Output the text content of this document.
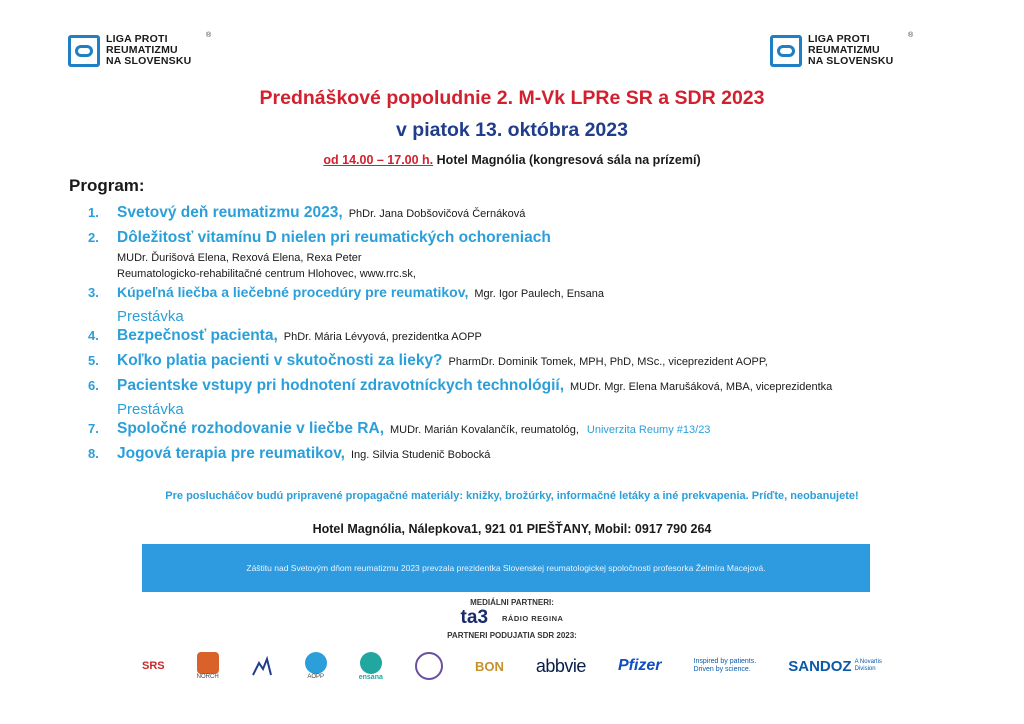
LIGA PROTI
REUMATIZMU
NA SLOVENSKU
®	LIGA PROTI
REUMATIZMU
NA SLOVENSKU
®
Prednáškové popoludnie 2. M-Vk LPRe SR a SDR 2023
v piatok 13. októbra 2023
od 14.00 – 17.00 h. Hotel Magnólia (kongresová sála na prízemí)
Program:
1.	Svetový deň reumatizmu 2023, PhDr. Jana Dobšovičová Černáková
2.	Dôležitosť vitamínu D nielen pri reumatických ochoreniach
MUDr. Ďurišová Elena, Rexová Elena, Rexa Peter
Reumatologicko-rehabilitačné centrum Hlohovec, www.rrc.sk,
3.	Kúpeľná liečba a liečebné procedúry pre reumatikov, Mgr. Igor Paulech, Ensana
Prestávka
4.	Bezpečnosť pacienta, PhDr. Mária Lévyová, prezidentka AOPP
5.	Koľko platia pacienti v skutočnosti za lieky? PharmDr. Dominik Tomek, MPH, PhD, MSc., viceprezident AOPP,
6.	Pacientske vstupy pri hodnotení zdravotníckych technológií, MUDr. Mgr. Elena Marušáková, MBA, viceprezidentka
Prestávka
7.	Spoločné rozhodovanie v liečbe RA, MUDr. Marián Kovalančík, reumatológ, Univerzita Reumy #13/23
8.	Jogová terapia pre reumatikov, Ing. Silvia Studenič Bobocká
Pre poslucháčov budú pripravené propagačné materiály: knižky, brožúrky, informačné letáky a iné prekvapenia. Príďte, neobanujete!
Hotel Magnólia, Nálepkova1, 921 01 PIEŠŤANY, Mobil: 0917 790 264
Záštitu nad Svetovým dňom reumatizmu 2023 prevzala prezidentka Slovenskej reumatologickej spoločnosti profesorka Želmíra Macejová.
MEDIÁLNI PARTNERI:
ta3 RÁDIO REGINA
PARTNERI PODUJATIA SDR 2023:
SRS
NORCH	AOPP	ensana
BON abbvie Pfizer	Inspired by patients.
Driven by science.	SANDOZ A Novartis
Division
